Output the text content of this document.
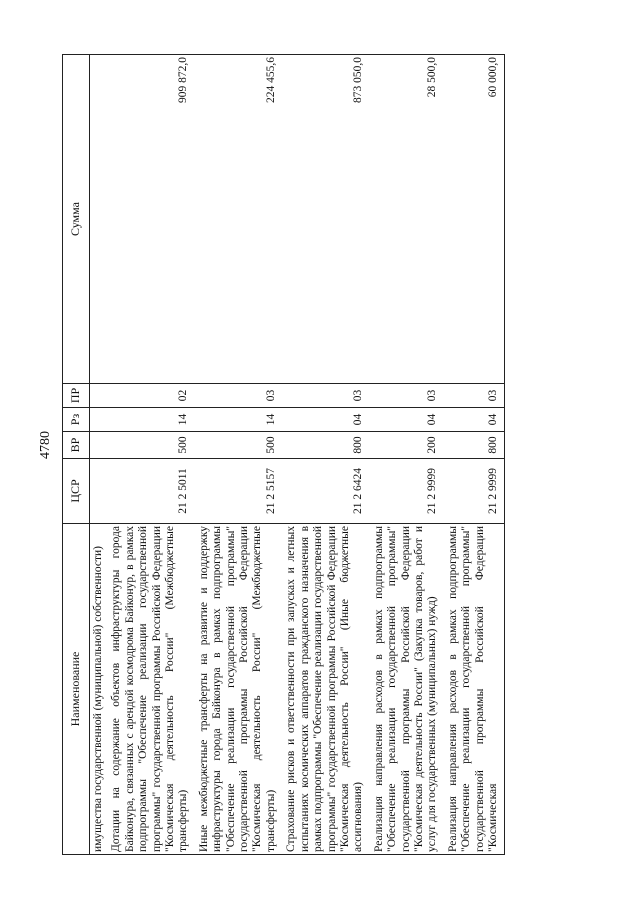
4780
Наименование	ЦСР	ВР	Рз	ПР	Сумма
имущества государственной (муниципальной) собственности)					
Дотации на содержание объектов инфраструктуры города Байконура, связанных с арендой космодрома Байконур, в рамках подпрограммы "Обеспечение реализации государственной программы" государственной программы Российской Федерации "Космическая деятельность России" (Межбюджетные трансферты)	21 2 5011	500	14	02	909 872,0
Иные межбюджетные трансферты на развитие и поддержку инфраструктуры города Байконура в рамках подпрограммы "Обеспечение реализации государственной программы" государственной программы Российской Федерации "Космическая деятельность России" (Межбюджетные трансферты)	21 2 5157	500	14	03	224 455,6
Страхование рисков и ответственности при запусках и летных испытаниях космических аппаратов гражданского назначения в рамках подпрограммы "Обеспечение реализации государственной программы" государственной программы Российской Федерации "Космическая деятельность России" (Иные бюджетные ассигнования)	21 2 6424	800	04	03	873 050,0
Реализация направления расходов в рамках подпрограммы "Обеспечение реализации государственной программы" государственной программы Российской Федерации "Космическая деятельность России" (Закупка товаров, работ и услуг для государственных (муниципальных) нужд)	21 2 9999	200	04	03	28 500,0
Реализация направления расходов в рамках подпрограммы "Обеспечение реализации государственной программы" государственной программы Российской Федерации "Космическая	21 2 9999	800	04	03	60 000,0
